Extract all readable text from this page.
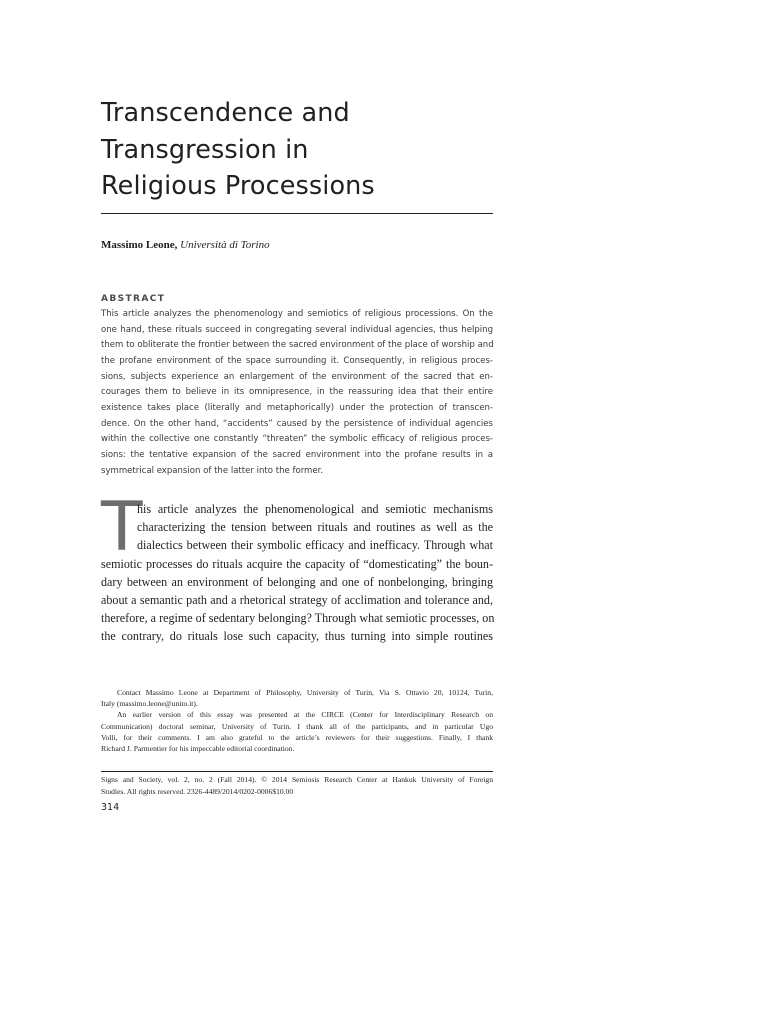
Transcendence and
Transgression in
Religious Processions
Massimo Leone, Università di Torino
ABSTRACT
This article analyzes the phenomenology and semiotics of religious processions. On the
one hand, these rituals succeed in congregating several individual agencies, thus helping
them to obliterate the frontier between the sacred environment of the place of worship and
the profane environment of the space surrounding it. Consequently, in religious proces-
sions, subjects experience an enlargement of the environment of the sacred that en-
courages them to believe in its omnipresence, in the reassuring idea that their entire
existence takes place (literally and metaphorically) under the protection of transcen-
dence. On the other hand, “accidents” caused by the persistence of individual agencies
within the collective one constantly “threaten” the symbolic efficacy of religious proces-
sions: the tentative expansion of the sacred environment into the profane results in a
symmetrical expansion of the latter into the former.
T
his article analyzes the phenomenological and semiotic mechanisms
characterizing the tension between rituals and routines as well as the
dialectics between their symbolic efficacy and inefficacy. Through what
semiotic processes do rituals acquire the capacity of “domesticating” the boun-
dary between an environment of belonging and one of nonbelonging, bringing
about a semantic path and a rhetorical strategy of acclimation and tolerance and,
therefore, a regime of sedentary belonging? Through what semiotic processes, on
the contrary, do rituals lose such capacity, thus turning into simple routines
Contact Massimo Leone at Department of Philosophy, University of Turin, Via S. Ottavio 20, 10124, Turin,
Italy (massimo.leone@unito.it).
An earlier version of this essay was presented at the CIRCE (Center for Interdisciplinary Research on
Communication) doctoral seminar, University of Turin. I thank all of the participants, and in particular Ugo
Volli, for their comments. I am also grateful to the article’s reviewers for their suggestions. Finally, I thank
Richard J. Parmentier for his impeccable editorial coordination.
Signs and Society, vol. 2, no. 2 (Fall 2014). © 2014 Semiosis Research Center at Hankuk University of Foreign
Studies. All rights reserved. 2326-4489/2014/0202-0006$10.00
314
